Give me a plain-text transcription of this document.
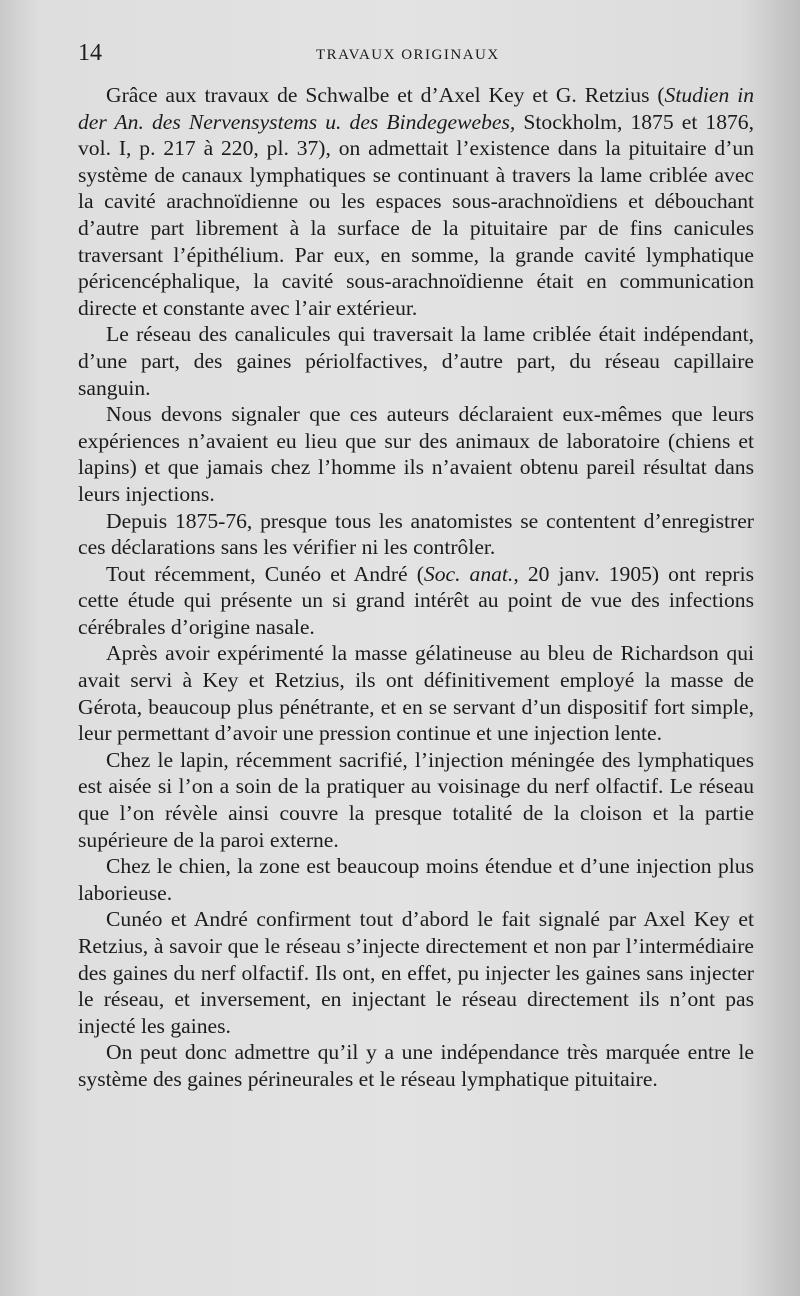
14	TRAVAUX ORIGINAUX

Grâce aux travaux de Schwalbe et d’Axel Key et G. Retzius (Studien in der An. des Nervensystems u. des Bindegewebes, Stockholm, 1875 et 1876, vol. I, p. 217 à 220, pl. 37), on admettait l’existence dans la pituitaire d’un système de canaux lymphatiques se continuant à travers la lame criblée avec la cavité arachnoïdienne ou les espaces sous-arachnoïdiens et débouchant d’autre part librement à la surface de la pituitaire par de fins canicules traversant l’épithélium. Par eux, en somme, la grande cavité lymphatique péricencéphalique, la cavité sous-arachnoïdienne était en communication directe et constante avec l’air extérieur.

Le réseau des canalicules qui traversait la lame criblée était indépendant, d’une part, des gaines périolfactives, d’autre part, du réseau capillaire sanguin.

Nous devons signaler que ces auteurs déclaraient eux-mêmes que leurs expériences n’avaient eu lieu que sur des animaux de laboratoire (chiens et lapins) et que jamais chez l’homme ils n’avaient obtenu pareil résultat dans leurs injections.

Depuis 1875-76, presque tous les anatomistes se contentent d’enregistrer ces déclarations sans les vérifier ni les contrôler.

Tout récemment, Cunéo et André (Soc. anat., 20 janv. 1905) ont repris cette étude qui présente un si grand intérêt au point de vue des infections cérébrales d’origine nasale.

Après avoir expérimenté la masse gélatineuse au bleu de Richardson qui avait servi à Key et Retzius, ils ont définitivement employé la masse de Gérota, beaucoup plus pénétrante, et en se servant d’un dispositif fort simple, leur permettant d’avoir une pression continue et une injection lente.

Chez le lapin, récemment sacrifié, l’injection méningée des lymphatiques est aisée si l’on a soin de la pratiquer au voisinage du nerf olfactif. Le réseau que l’on révèle ainsi couvre la presque totalité de la cloison et la partie supérieure de la paroi externe.

Chez le chien, la zone est beaucoup moins étendue et d’une injection plus laborieuse.

Cunéo et André confirment tout d’abord le fait signalé par Axel Key et Retzius, à savoir que le réseau s’injecte directement et non par l’intermédiaire des gaines du nerf olfactif. Ils ont, en effet, pu injecter les gaines sans injecter le réseau, et inversement, en injectant le réseau directement ils n’ont pas injecté les gaines.

On peut donc admettre qu’il y a une indépendance très marquée entre le système des gaines périneurales et le réseau lymphatique pituitaire.
